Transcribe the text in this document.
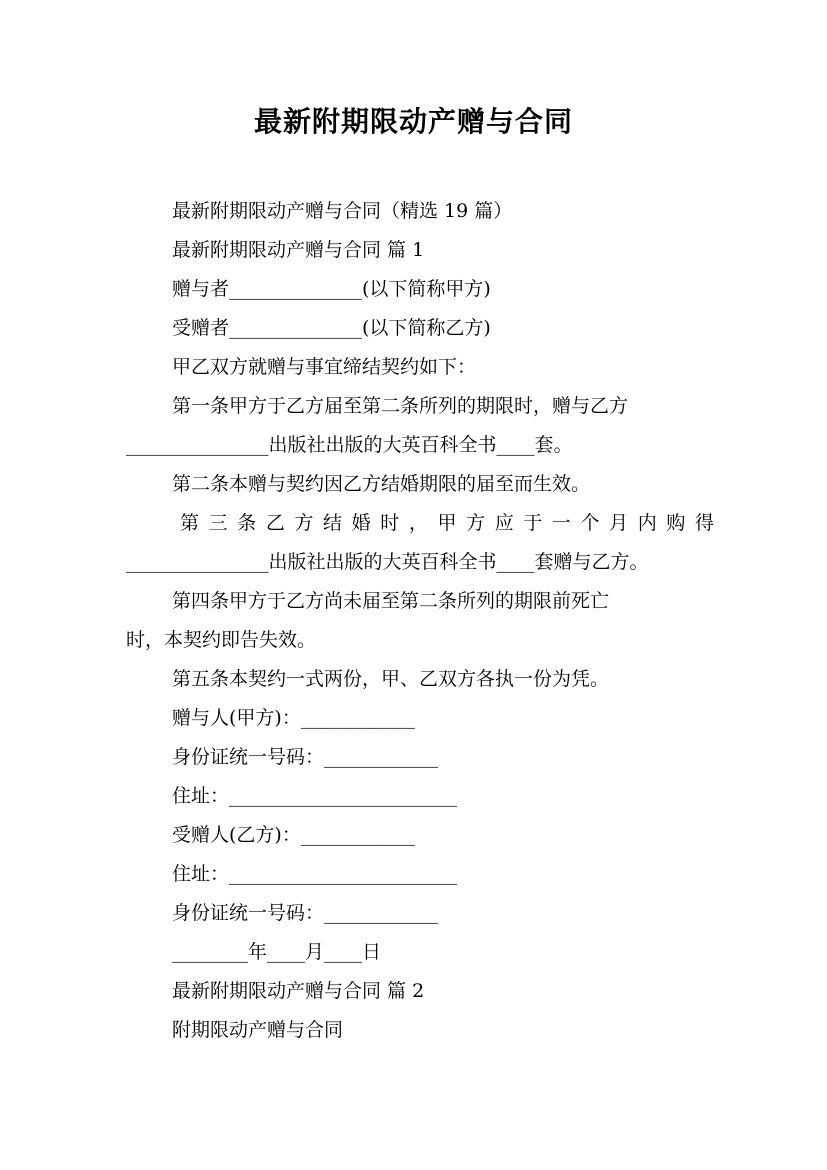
最新附期限动产赠与合同
最新附期限动产赠与合同（精选 19 篇）
最新附期限动产赠与合同 篇 1
赠与者______________(以下简称甲方)
受赠者______________(以下简称乙方)
甲乙双方就赠与事宜缔结契约如下：
第一条甲方于乙方届至第二条所列的期限时，赠与乙方
_______________出版社出版的大英百科全书____套。
第二条本赠与契约因乙方结婚期限的届至而生效。
第三条乙方结婚时，甲方应于一个月内购得
_______________出版社出版的大英百科全书____套赠与乙方。
第四条甲方于乙方尚未届至第二条所列的期限前死亡
时，本契约即告失效。
第五条本契约一式两份，甲、乙双方各执一份为凭。
赠与人(甲方)：____________
身份证统一号码：____________
住址：________________________
受赠人(乙方)：____________
住址：________________________
身份证统一号码：____________
________年____月____日
最新附期限动产赠与合同 篇 2
附期限动产赠与合同
